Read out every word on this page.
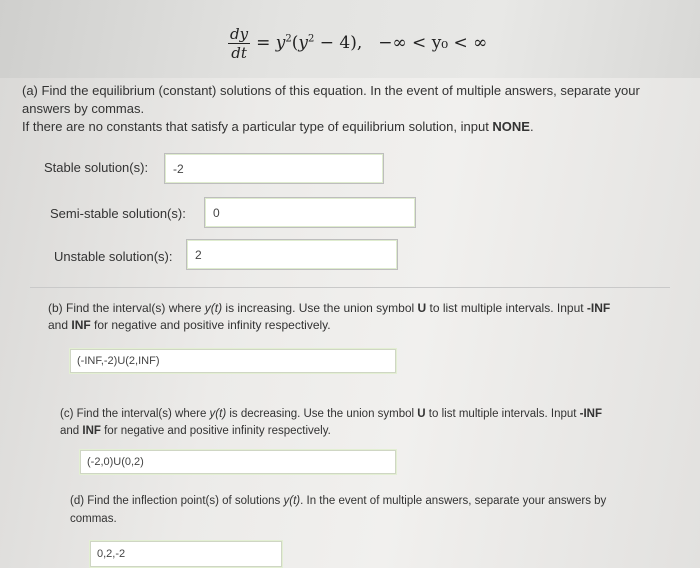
$\frac{dy}{dt} = y^2(y^2 - 4)$, −∞ < y₀ < ∞
(a) Find the equilibrium (constant) solutions of this equation. In the event of multiple answers, separate your
answers by commas.
If there are no constants that satisfy a particular type of equilibrium solution, input NONE.
Stable solution(s): -2
Semi-stable solution(s): 0
Unstable solution(s): 2
(b) Find the interval(s) where y(t) is increasing. Use the union symbol U to list multiple intervals. Input -INF
and INF for negative and positive infinity respectively.
(-INF,-2)U(2,INF)
(c) Find the interval(s) where y(t) is decreasing. Use the union symbol U to list multiple intervals. Input -INF
and INF for negative and positive infinity respectively.
(-2,0)U(0,2)
(d) Find the inflection point(s) of solutions y(t). In the event of multiple answers, separate your answers by
commas.
0,2,-2
